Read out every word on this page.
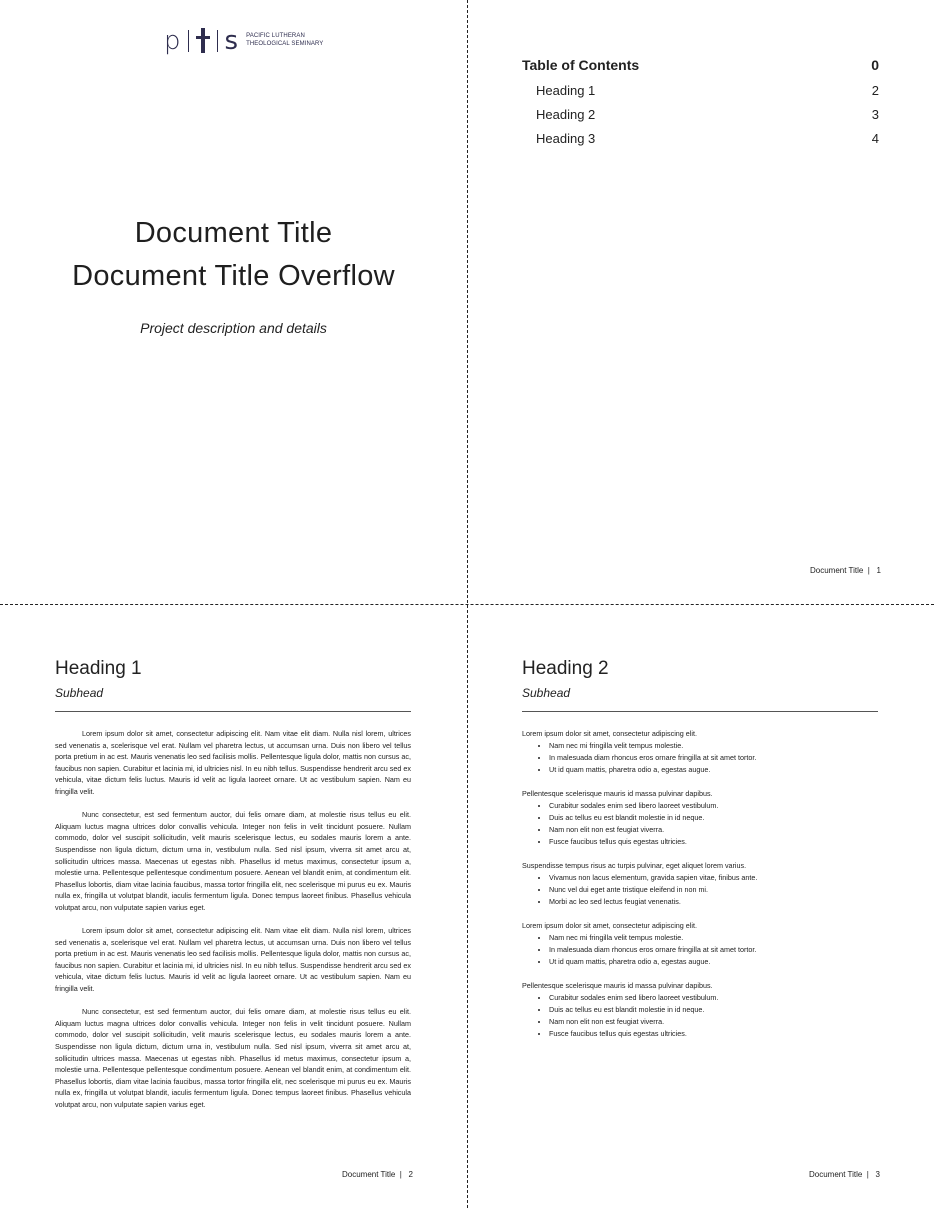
p s PACIFIC LUTHERAN
THEOLOGICAL SEMINARY
Document Title
Document Title Overflow
Project description and details
Document Title  |   1
Table of Contents	0
Heading 1	2
Heading 2	3
Heading 3	4
Heading 1
Subhead

Lorem ipsum dolor sit amet, consectetur adipiscing elit. Nam vitae elit diam. Nulla nisl lorem, ultrices sed venenatis a, scelerisque vel erat. Nullam vel pharetra lectus, ut accumsan urna. Duis non libero vel tellus porta pretium in ac est. Mauris venenatis leo sed facilisis mollis. Pellentesque ligula dolor, mattis non cursus ac, faucibus non sapien. Curabitur et lacinia mi, id ultricies nisl. In eu nibh tellus. Suspendisse hendrerit arcu sed ex vehicula, vitae dictum felis luctus. Mauris id velit ac ligula laoreet ornare. Ut ac vestibulum sapien. Nam eu fringilla velit.

Nunc consectetur, est sed fermentum auctor, dui felis ornare diam, at molestie risus tellus eu elit. Aliquam luctus magna ultrices dolor convallis vehicula. Integer non felis in velit tincidunt posuere. Nullam commodo, dolor vel suscipit sollicitudin, velit mauris scelerisque lectus, eu sodales mauris lorem a ante. Suspendisse non ligula dictum, dictum urna in, vestibulum nulla. Sed nisl ipsum, viverra sit amet arcu at, sollicitudin ultrices massa. Maecenas ut egestas nibh. Phasellus id metus maximus, consectetur ipsum a, molestie urna. Pellentesque pellentesque condimentum posuere. Aenean vel blandit enim, at condimentum elit. Phasellus lobortis, diam vitae lacinia faucibus, massa tortor fringilla elit, nec scelerisque mi purus eu ex. Mauris nulla ex, fringilla ut volutpat blandit, iaculis fermentum ligula. Donec tempus laoreet finibus. Phasellus vehicula volutpat arcu, non vulputate sapien varius eget.

Lorem ipsum dolor sit amet, consectetur adipiscing elit. Nam vitae elit diam. Nulla nisl lorem, ultrices sed venenatis a, scelerisque vel erat. Nullam vel pharetra lectus, ut accumsan urna. Duis non libero vel tellus porta pretium in ac est. Mauris venenatis leo sed facilisis mollis. Pellentesque ligula dolor, mattis non cursus ac, faucibus non sapien. Curabitur et lacinia mi, id ultricies nisl. In eu nibh tellus. Suspendisse hendrerit arcu sed ex vehicula, vitae dictum felis luctus. Mauris id velit ac ligula laoreet ornare. Ut ac vestibulum sapien. Nam eu fringilla velit.

Nunc consectetur, est sed fermentum auctor, dui felis ornare diam, at molestie risus tellus eu elit. Aliquam luctus magna ultrices dolor convallis vehicula. Integer non felis in velit tincidunt posuere. Nullam commodo, dolor vel suscipit sollicitudin, velit mauris scelerisque lectus, eu sodales mauris lorem a ante. Suspendisse non ligula dictum, dictum urna in, vestibulum nulla. Sed nisl ipsum, viverra sit amet arcu at, sollicitudin ultrices massa. Maecenas ut egestas nibh. Phasellus id metus maximus, consectetur ipsum a, molestie urna. Pellentesque pellentesque condimentum posuere. Aenean vel blandit enim, at condimentum elit. Phasellus lobortis, diam vitae lacinia faucibus, massa tortor fringilla elit, nec scelerisque mi purus eu ex. Mauris nulla ex, fringilla ut volutpat blandit, iaculis fermentum ligula. Donec tempus laoreet finibus. Phasellus vehicula volutpat arcu, non vulputate sapien varius eget.

Document Title  |   2
Heading 2
Subhead
Lorem ipsum dolor sit amet, consectetur adipiscing elit.
• Nam nec mi fringilla velit tempus molestie.
• In malesuada diam rhoncus eros ornare fringilla at sit amet tortor.
• Ut id quam mattis, pharetra odio a, egestas augue.
Pellentesque scelerisque mauris id massa pulvinar dapibus.
• Curabitur sodales enim sed libero laoreet vestibulum.
• Duis ac tellus eu est blandit molestie in id neque.
• Nam non elit non est feugiat viverra.
• Fusce faucibus tellus quis egestas ultricies.
Suspendisse tempus risus ac turpis pulvinar, eget aliquet lorem varius.
• Vivamus non lacus elementum, gravida sapien vitae, finibus ante.
• Nunc vel dui eget ante tristique eleifend in non mi.
• Morbi ac leo sed lectus feugiat venenatis.
Lorem ipsum dolor sit amet, consectetur adipiscing elit.
• Nam nec mi fringilla velit tempus molestie.
• In malesuada diam rhoncus eros ornare fringilla at sit amet tortor.
• Ut id quam mattis, pharetra odio a, egestas augue.
Pellentesque scelerisque mauris id massa pulvinar dapibus.
• Curabitur sodales enim sed libero laoreet vestibulum.
• Duis ac tellus eu est blandit molestie in id neque.
• Nam non elit non est feugiat viverra.
• Fusce faucibus tellus quis egestas ultricies.
Document Title  |   3
